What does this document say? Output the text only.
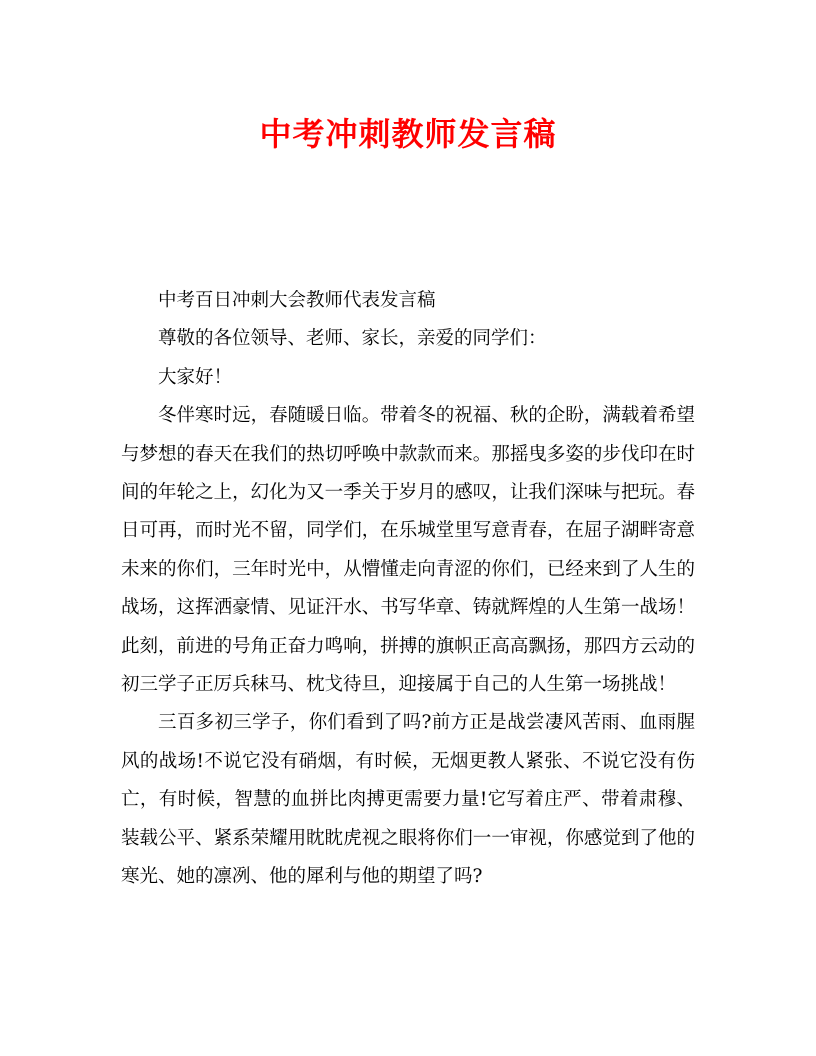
中考冲刺教师发言稿

中考百日冲刺大会教师代表发言稿

尊敬的各位领导、老师、家长，亲爱的同学们：

大家好！

冬伴寒时远，春随暖日临。带着冬的祝福、秋的企盼，满载着希望与梦想的春天在我们的热切呼唤中款款而来。那摇曳多姿的步伐印在时间的年轮之上，幻化为又一季关于岁月的感叹，让我们深味与把玩。春日可再，而时光不留，同学们，在乐城堂里写意青春，在屈子湖畔寄意未来的你们，三年时光中，从懵懂走向青涩的你们，已经来到了人生的战场，这挥洒豪情、见证汗水、书写华章、铸就辉煌的人生第一战场！此刻，前进的号角正奋力鸣响，拼搏的旗帜正高高飘扬，那四方云动的初三学子正厉兵秣马、枕戈待旦，迎接属于自己的人生第一场挑战！

三百多初三学子，你们看到了吗?前方正是战尝凄风苦雨、血雨腥风的战场!不说它没有硝烟，有时候，无烟更教人紧张、不说它没有伤亡，有时候，智慧的血拼比肉搏更需要力量!它写着庄严、带着肃穆、装载公平、紧系荣耀用眈眈虎视之眼将你们一一审视，你感觉到了他的寒光、她的凛冽、他的犀利与他的期望了吗?
